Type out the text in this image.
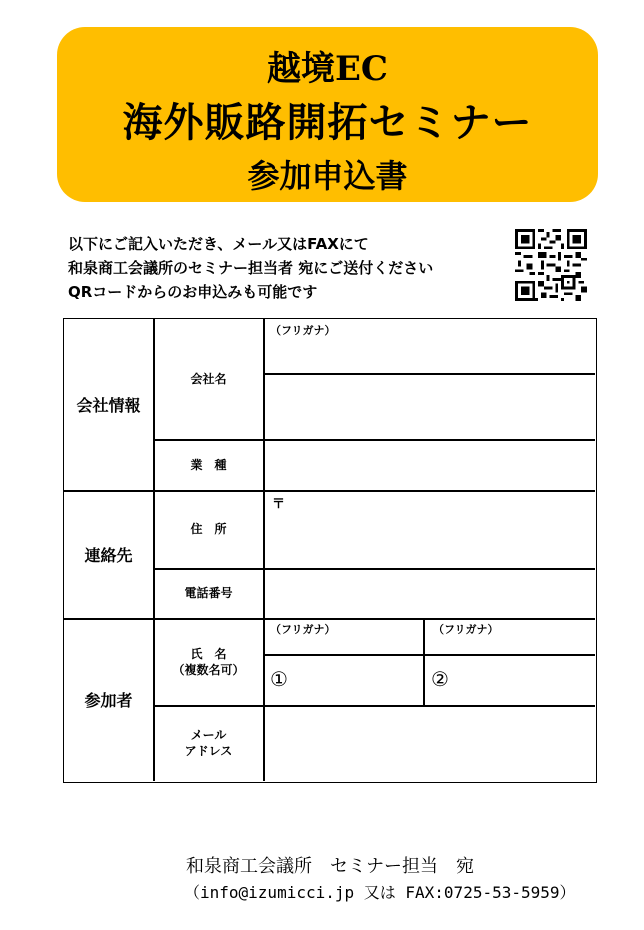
越境EC
海外販路開拓セミナー
参加申込書
以下にご記入いただき、メール又はFAXにて
和泉商工会議所のセミナー担当者 宛にご送付ください
QRコードからのお申込みも可能です
会社情報
連絡先
参加者
会社名
業　種
住　所
電話番号
氏　名
（複数名可）
メール
アドレス
（フリガナ）
〒
（フリガナ）	（フリガナ）
①	②
和泉商工会議所　セミナー担当　宛
（info@izumicci.jp 又は FAX:0725-53-5959）
